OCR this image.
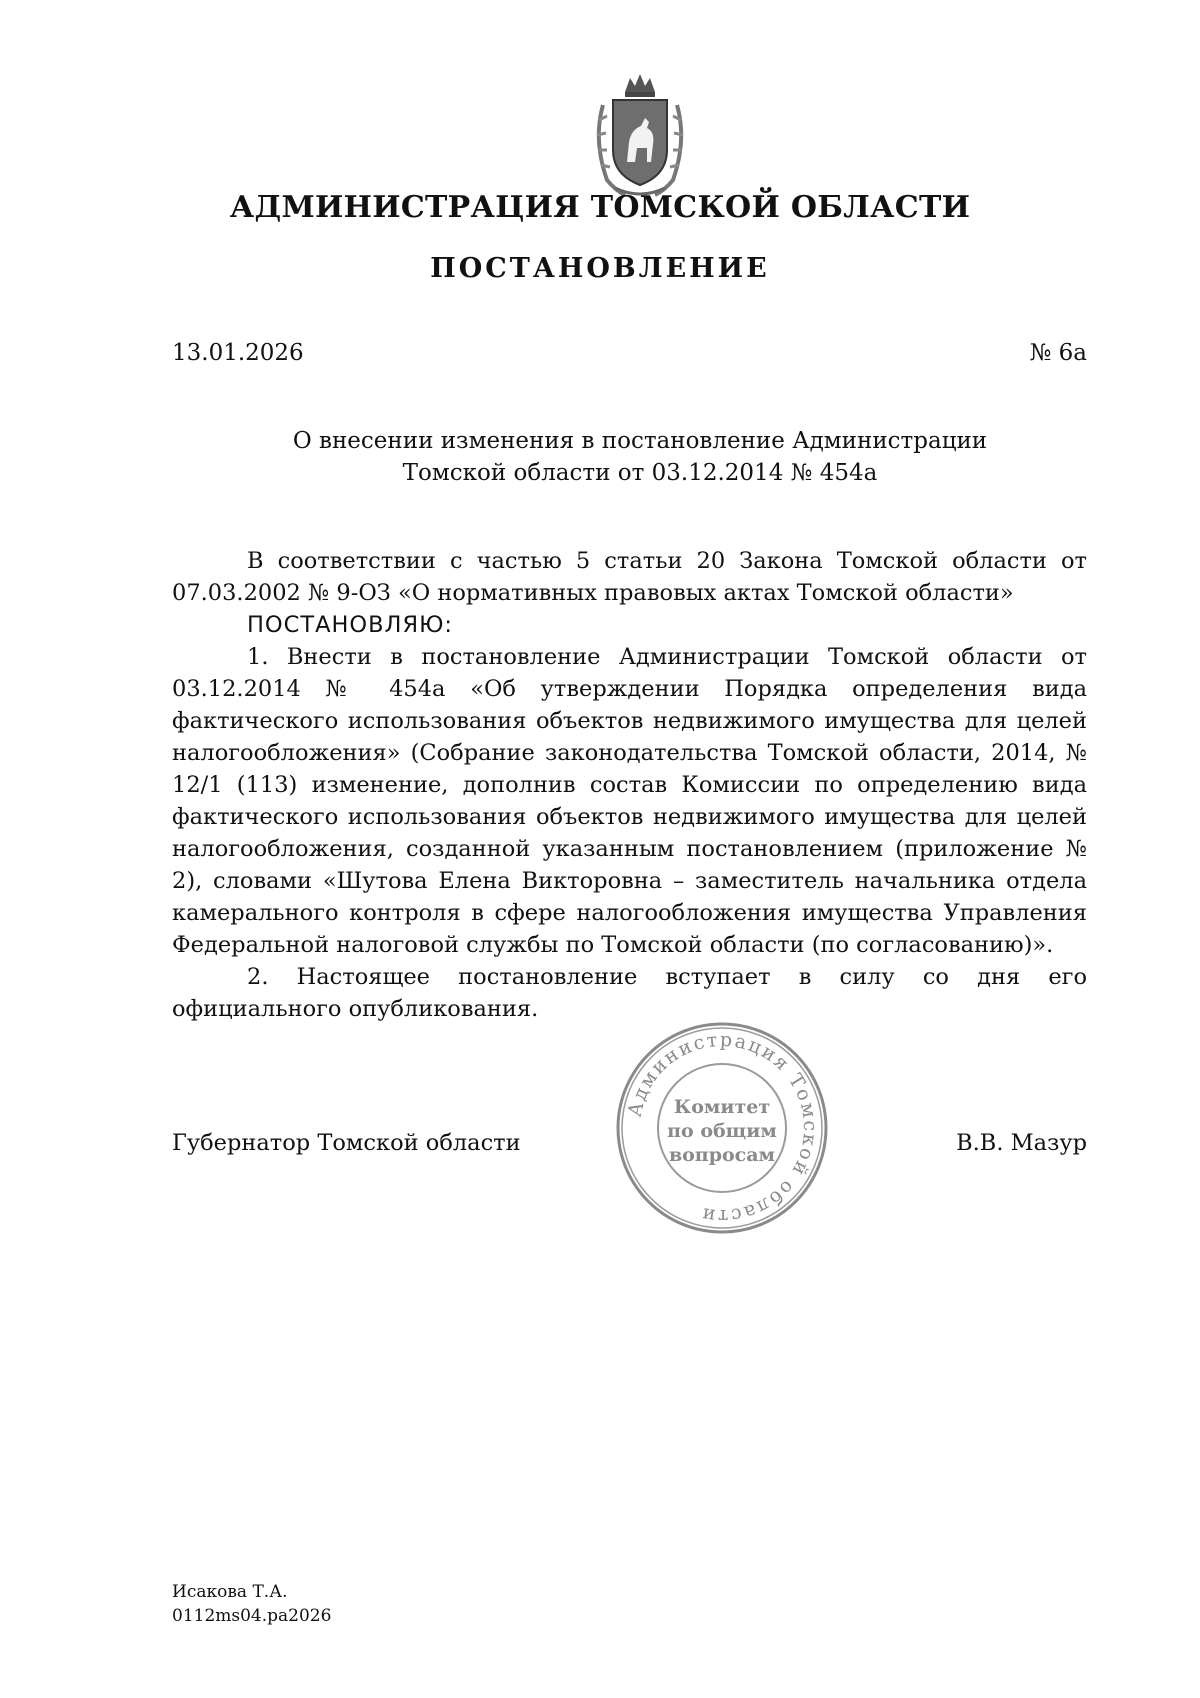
АДМИНИСТРАЦИЯ ТОМСКОЙ ОБЛАСТИ
ПОСТАНОВЛЕНИЕ
13.01.2026	№ 6а

О внесении изменения в постановление Администрации

Томской области от 03.12.2014 № 454а

В соответствии с частью 5 статьи 20 Закона Томской области от 07.03.2002 № 9-ОЗ «О нормативных правовых актах Томской области»

ПОСТАНОВЛЯЮ:

1. Внести в постановление Администрации Томской области от 03.12.2014 № 454а «Об утверждении Порядка определения вида фактического использования объектов недвижимого имущества для целей налогообложения» (Собрание законодательства Томской области, 2014, № 12/1 (113) изменение, дополнив состав Комиссии по определению вида фактического использования объектов недвижимого имущества для целей налогообложения, созданной указанным постановлением (приложение № 2), словами «Шутова Елена Викторовна – заместитель начальника отдела камерального контроля в сфере налогообложения имущества Управления Федеральной налоговой службы по Томской области (по согласованию)».

2. Настоящее постановление вступает в силу со дня его официального опубликования.

Губернатор Томской области	В.В. Мазур
Администрация Томской области
Комитет
по общим
вопросам
Исакова Т.А.
0112ms04.ра2026
